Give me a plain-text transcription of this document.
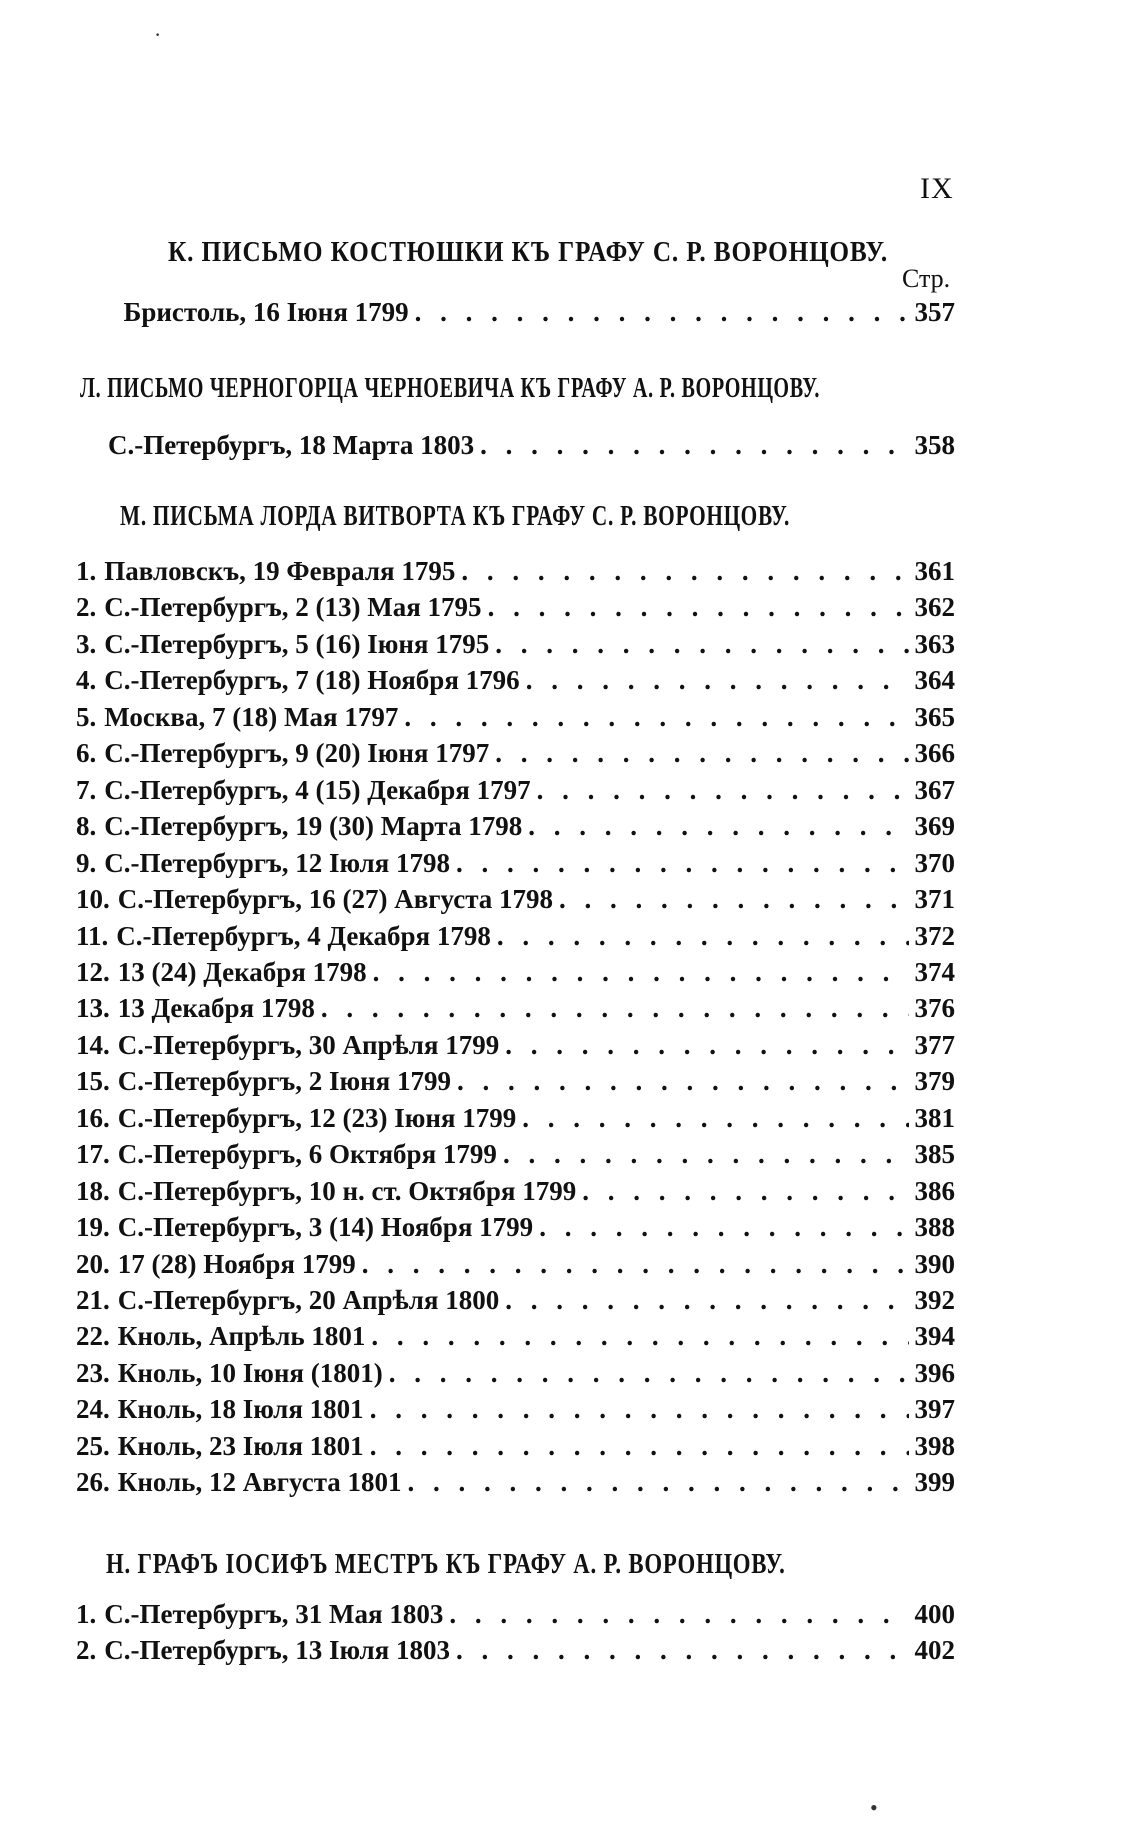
IX
К. ПИСЬМО КОСТЮШКИ КЪ ГРАФУ С. Р. ВОРОНЦОВУ.
Стр.
Бристоль, 16 Іюня 1799 . . .	357
Л. ПИСЬМО ЧЕРНОГОРЦА ЧЕРНОЕВИЧА КЪ ГРАФУ А. Р. ВОРОНЦОВУ.
С.-Петербургъ, 18 Марта 1803 . . .	358
М. ПИСЬМА ЛОРДА ВИТВОРТА КЪ ГРАФУ С. Р. ВОРОНЦОВУ.
1. Павловскъ, 19 Февраля 1795 . . .	361
2. С.-Петербургъ, 2 (13) Мая 1795 . . .	362
3. С.-Петербургъ, 5 (16) Іюня 1795 . . .	363
4. С.-Петербургъ, 7 (18) Ноября 1796 . . .	364
5. Москва, 7 (18) Мая 1797 . . .	365
6. С.-Петербургъ, 9 (20) Іюня 1797 . . .	366
7. С.-Петербургъ, 4 (15) Декабря 1797 . . .	367
8. С.-Петербургъ, 19 (30) Марта 1798 . . .	369
9. С.-Петербургъ, 12 Іюля 1798 . . .	370
10. С.-Петербургъ, 16 (27) Августа 1798 . . .	371
11. С.-Петербургъ, 4 Декабря 1798 . . .	372
12. 13 (24) Декабря 1798 . . .	374
13. 13 Декабря 1798 . . .	376
14. С.-Петербургъ, 30 Апрѣля 1799 . . .	377
15. С.-Петербургъ, 2 Іюня 1799 . . .	379
16. С.-Петербургъ, 12 (23) Іюня 1799 . . .	381
17. С.-Петербургъ, 6 Октября 1799 . . .	385
18. С.-Петербургъ, 10 н. ст. Октября 1799 . . .	386
19. С.-Петербургъ, 3 (14) Ноября 1799 . . .	388
20. 17 (28) Ноября 1799 . . .	390
21. С.-Петербургъ, 20 Апрѣля 1800 . . .	392
22. Кноль, Апрѣль 1801 . . .	394
23. Кноль, 10 Іюня (1801) . . .	396
24. Кноль, 18 Іюля 1801 . . .	397
25. Кноль, 23 Іюля 1801 . . .	398
26. Кноль, 12 Августа 1801 . . .	399
Н. ГРАФЪ ІОСИФЪ МЕСТРЪ КЪ ГРАФУ А. Р. ВОРОНЦОВУ.
1. С.-Петербургъ, 31 Мая 1803 . . .	400
2. С.-Петербургъ, 13 Іюля 1803 . . .	402
·
•
